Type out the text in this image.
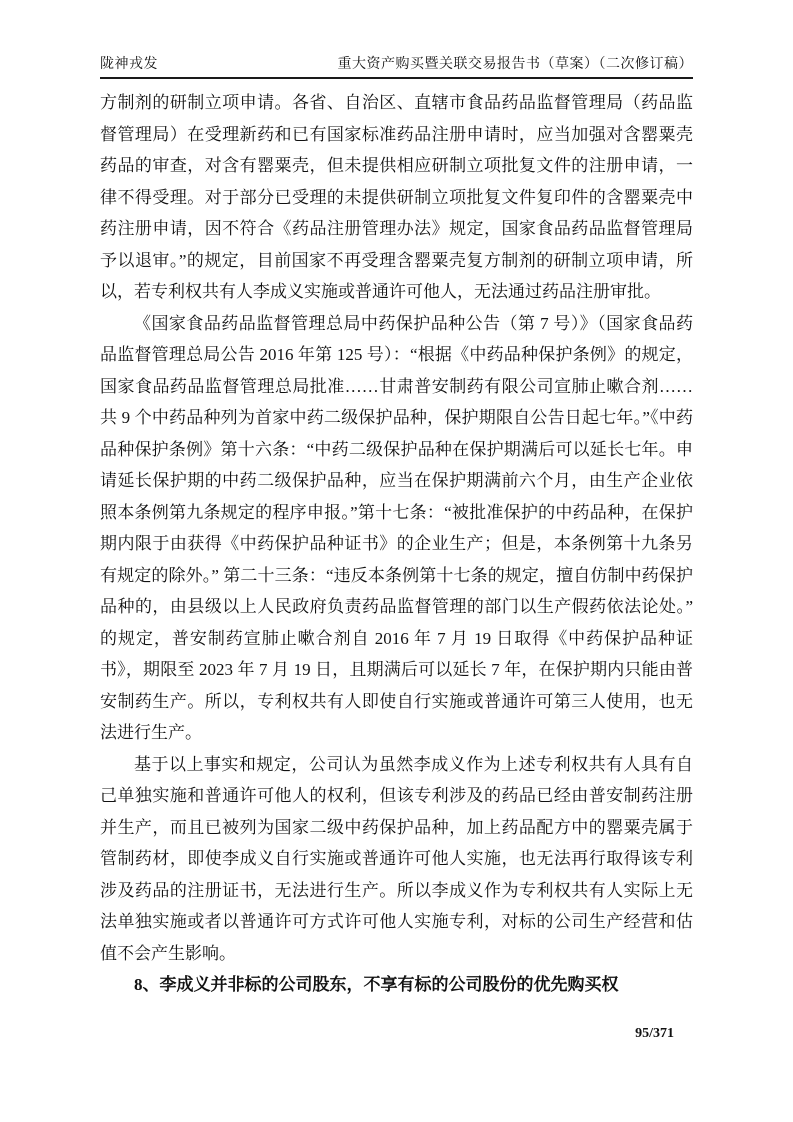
陇神戎发	重大资产购买暨关联交易报告书（草案）（二次修订稿）

方制剂的研制立项申请。各省、自治区、直辖市食品药品监督管理局（药品监督管理局）在受理新药和已有国家标准药品注册申请时，应当加强对含罂粟壳药品的审查，对含有罂粟壳，但未提供相应研制立项批复文件的注册申请，一律不得受理。对于部分已受理的未提供研制立项批复文件复印件的含罂粟壳中药注册申请，因不符合《药品注册管理办法》规定，国家食品药品监督管理局予以退审。”的规定，目前国家不再受理含罂粟壳复方制剂的研制立项申请，所以，若专利权共有人李成义实施或普通许可他人，无法通过药品注册审批。

《国家食品药品监督管理总局中药保护品种公告（第 7 号）》（国家食品药品监督管理总局公告 2016 年第 125 号）：“根据《中药品种保护条例》的规定，国家食品药品监督管理总局批准……甘肃普安制药有限公司宣肺止嗽合剂……共 9 个中药品种列为首家中药二级保护品种，保护期限自公告日起七年。”《中药品种保护条例》第十六条：“中药二级保护品种在保护期满后可以延长七年。申请延长保护期的中药二级保护品种，应当在保护期满前六个月，由生产企业依照本条例第九条规定的程序申报。”第十七条：“被批准保护的中药品种，在保护期内限于由获得《中药保护品种证书》的企业生产；但是，本条例第十九条另有规定的除外。” 第二十三条：“违反本条例第十七条的规定，擅自仿制中药保护品种的，由县级以上人民政府负责药品监督管理的部门以生产假药依法论处。”的规定，普安制药宣肺止嗽合剂自 2016 年 7 月 19 日取得《中药保护品种证书》，期限至 2023 年 7 月 19 日，且期满后可以延长 7 年，在保护期内只能由普安制药生产。所以，专利权共有人即使自行实施或普通许可第三人使用，也无法进行生产。

基于以上事实和规定，公司认为虽然李成义作为上述专利权共有人具有自己单独实施和普通许可他人的权利，但该专利涉及的药品已经由普安制药注册并生产，而且已被列为国家二级中药保护品种，加上药品配方中的罂粟壳属于管制药材，即使李成义自行实施或普通许可他人实施，也无法再行取得该专利涉及药品的注册证书，无法进行生产。所以李成义作为专利权共有人实际上无法单独实施或者以普通许可方式许可他人实施专利，对标的公司生产经营和估值不会产生影响。

8、李成义并非标的公司股东，不享有标的公司股份的优先购买权

95/371
